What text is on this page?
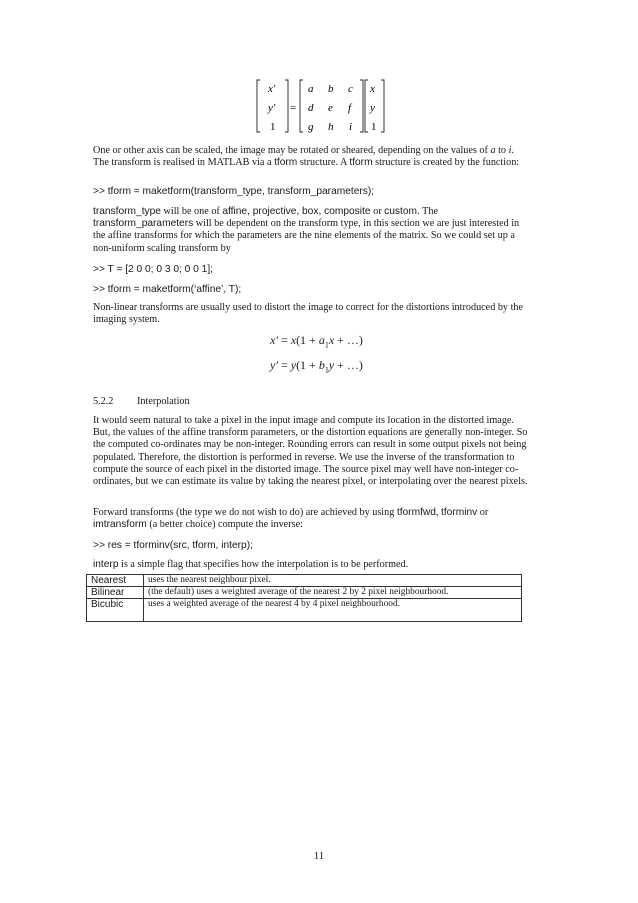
x′
y′
1
=
a b c
d e f
g h i
x
y
1

One or other axis can be scaled, the image may be rotated or sheared, depending on the values of a to i. The transform is realised in MATLAB via a tform structure. A tform structure is created by the function:

>> tform = maketform(transform_type, transform_parameters);

transform_type will be one of affine, projective, box, composite or custom. The transform_parameters will be dependent on the transform type, in this section we are just interested in the affine transforms for which the parameters are the nine elements of the matrix. So we could set up a non-uniform scaling transform by

>> T = [2 0 0; 0 3 0; 0 0 1];

>> tform = maketform(‘affine’, T);

Non-linear transforms are usually used to distort the image to correct for the distortions introduced by the imaging system.

$x' = x(1 + a_1x$ + …)
$y' = y(1 + b_1y$ + …)
5.2.2 Interpolation

It would seem natural to take a pixel in the input image and compute its location in the distorted image. But, the values of the affine transform parameters, or the distortion equations are generally non-integer. So the computed co-ordinates may be non-integer. Rounding errors can result in some output pixels not being populated. Therefore, the distortion is performed in reverse. We use the inverse of the transformation to compute the source of each pixel in the distorted image. The source pixel may well have non-integer co-ordinates, but we can estimate its value by taking the nearest pixel, or interpolating over the nearest pixels.

Forward transforms (the type we do not wish to do) are achieved by using tformfwd, tforminv or imtransform (a better choice) compute the inverse:

>> res = tforminv(src, tform, interp);

interp is a simple flag that specifies how the interpolation is to be performed.

Nearest	uses the nearest neighbour pixel.
Bilinear	(the default) uses a weighted average of the nearest 2 by 2 pixel neighbourhood.
Bicubic	uses a weighted average of the nearest 4 by 4 pixel neighbourhood.
11
